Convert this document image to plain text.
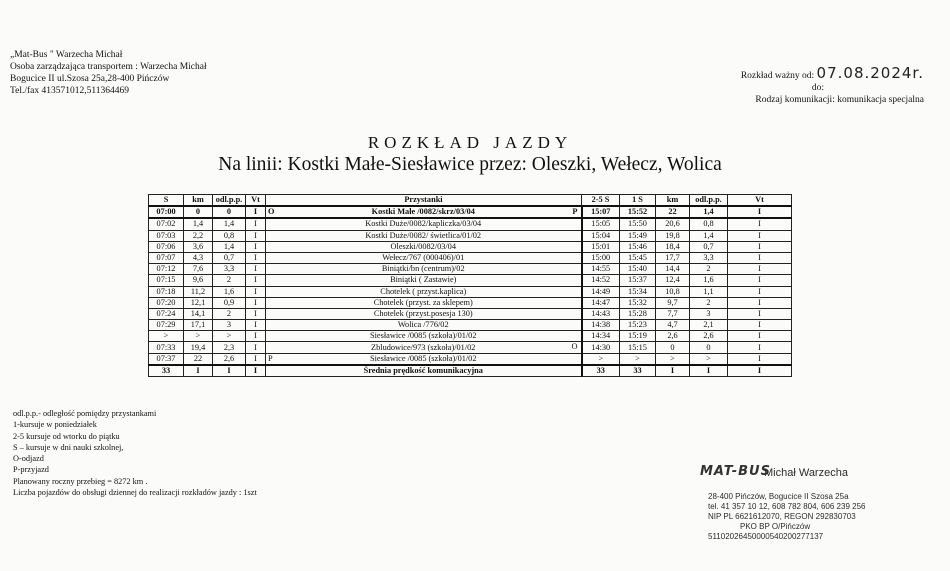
„Mat-Bus " Warzecha Michał
Osoba zarządzająca transportem : Warzecha Michał
Bogucice II ul.Szosa 25a,28-400 Pińczów
Tel./fax 413571012,511364469
Rozkład ważny od: 07.08.2024r.
do:
Rodzaj komunikacji: komunikacja specjalna
ROZKŁAD JAZDY
Na linii: Kostki Małe-Siesławice przez: Oleszki, Wełecz, Wolica
S	km	odl.p.p.	Vt	Przystanki	2-5 S	1 S	km	odl.p.p.	Vt
07:00	0	0	I	O Kostki Małe /0082/skrz/03/04 P	15:07	15:52	22	1,4	I
07:02	1,4	1,4	I	Kostki Duże/0082/kapliczka/03/04	15:05	15:50	20,6	0,8	I
07:03	2,2	0,8	I	Kostki Duże/0082/ świetlica/01/02	15:04	15:49	19,8	1,4	I
07:06	3,6	1,4	I	Oleszki/0082/03/04	15:01	15:46	18,4	0,7	I
07:07	4,3	0,7	I	Wełecz/767 (000406)/01	15:00	15:45	17,7	3,3	I
07:12	7,6	3,3	I	Biniątki/bn (centrum)/02	14:55	15:40	14,4	2	I
07:15	9,6	2	I	Biniątki ( Zastawie)	14:52	15:37	12,4	1,6	I
07:18	11,2	1,6	I	Chotelek ( przyst.kaplica)	14:49	15:34	10,8	1,1	I
07:20	12,1	0,9	I	Chotelek (przyst. za sklepem)	14:47	15:32	9,7	2	I
07:24	14,1	2	I	Chotelek (przyst.posesja 130)	14:43	15:28	7,7	3	I
07:29	17,1	3	I	Wolica /776/02	14:38	15:23	4,7	2,1	I
>	>	>	I	Siesławice /0085 (szkoła)/01/02	14:34	15:19	2,6	2,6	I
07:33	19,4	2,3	I	Zbludowice/973 (szkoła)/01/02 O	14:30	15:15	0	0	I
07:37	22	2,6	I	P Siesławice /0085 (szkoła)/01/02	>	>	>	>	I
33	I	I	I	Średnia prędkość komunikacyjna	33	33	I	I	I
odl.p.p.- odległość pomiędzy przystankami
1-kursuje w poniedziałek
2-5 kursuje od wtorku do piątku
S – kursuje w dni nauki szkolnej,
O-odjazd
P-przyjazd
Planowany roczny przebieg = 8272 km .
Liczba pojazdów do obsługi dziennej do realizacji rozkładów jazdy : 1szt
MAT-BUS
Michał Warzecha
28-400 Pińczów, Bogucice II Szosa 25a
tel. 41 357 10 12, 608 782 804, 606 239 256
NIP PL 6621612070, REGON 292830703
PKO BP O/Pińczów
51102026450000540200277137
